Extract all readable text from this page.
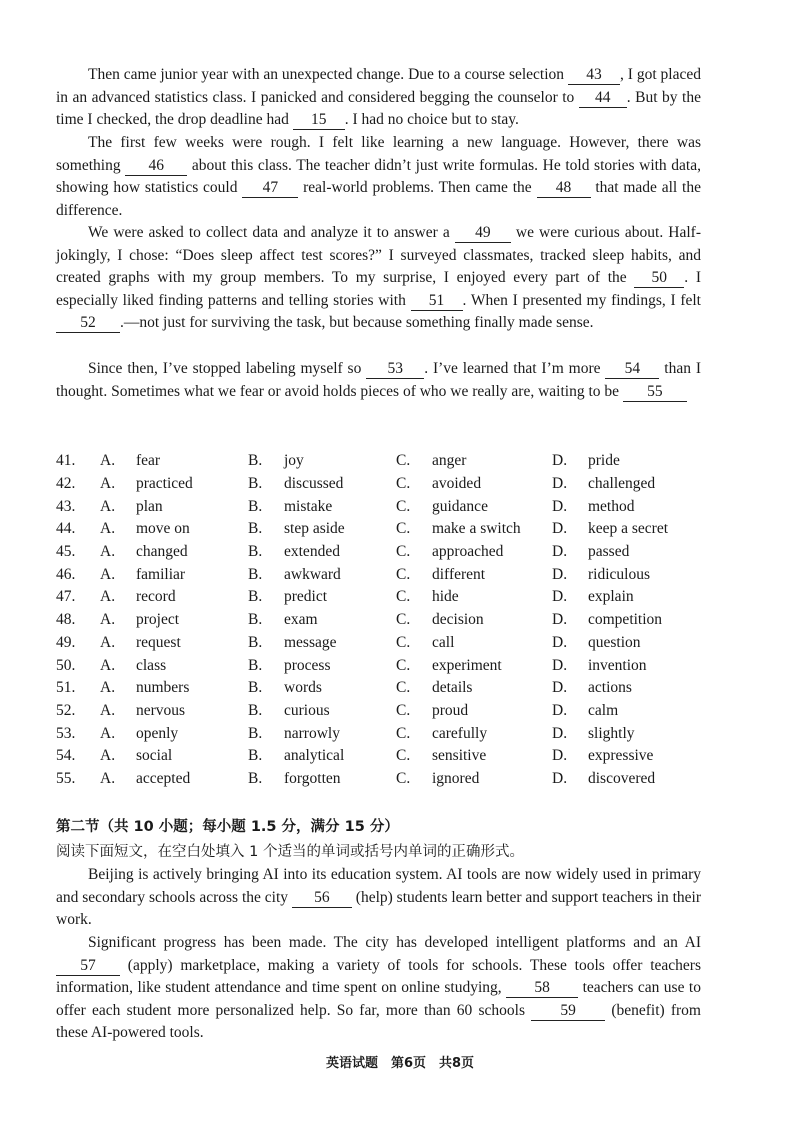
Then came junior year with an unexpected change. Due to a course selection 43 , I got placed in an advanced statistics class. I panicked and considered begging the counselor to 44 . But by the time I checked, the drop deadline had 15 . I had no choice but to stay.

The first few weeks were rough. I felt like learning a new language. However, there was something 46 about this class. The teacher didn’t just write formulas. He told stories with data, showing how statistics could 47 real-world problems. Then came the 48 that made all the difference.

We were asked to collect data and analyze it to answer a 49 we were curious about. Half-jokingly, I chose: “Does sleep affect test scores?” I surveyed classmates, tracked sleep habits, and created graphs with my group members. To my surprise, I enjoyed every part of the 50 . I especially liked finding patterns and telling stories with 51 . When I presented my findings, I felt 52 .—not just for surviving the task, but because something finally made sense.

Since then, I’ve stopped labeling myself so 53 . I’ve learned that I’m more 54 than I thought. Sometimes what we fear or avoid holds pieces of who we really are, waiting to be 55

41.	A.	fear	B.	joy	C.	anger	D.	pride
42.	A.	practiced	B.	discussed	C.	avoided	D.	challenged
43.	A.	plan	B.	mistake	C.	guidance	D.	method
44.	A.	move on	B.	step aside	C.	make a switch	D.	keep a secret
45.	A.	changed	B.	extended	C.	approached	D.	passed
46.	A.	familiar	B.	awkward	C.	different	D.	ridiculous
47.	A.	record	B.	predict	C.	hide	D.	explain
48.	A.	project	B.	exam	C.	decision	D.	competition
49.	A.	request	B.	message	C.	call	D.	question
50.	A.	class	B.	process	C.	experiment	D.	invention
51.	A.	numbers	B.	words	C.	details	D.	actions
52.	A.	nervous	B.	curious	C.	proud	D.	calm
53.	A.	openly	B.	narrowly	C.	carefully	D.	slightly
54.	A.	social	B.	analytical	C.	sensitive	D.	expressive
55.	A.	accepted	B.	forgotten	C.	ignored	D.	discovered
第二节（共 10 小题；每小题 1.5 分，满分 15 分）
阅读下面短文，在空白处填入 1 个适当的单词或括号内单词的正确形式。

Beijing is actively bringing AI into its education system. AI tools are now widely used in primary and secondary schools across the city 56 (help) students learn better and support teachers in their work.

Significant progress has been made. The city has developed intelligent platforms and an AI 57 (apply) marketplace, making a variety of tools for schools. These tools offer teachers information, like student attendance and time spent on online studying, 58 teachers can use to offer each student more personalized help. So far, more than 60 schools 59 (benefit) from these AI-powered tools.

英语试题　第6页　共8页
